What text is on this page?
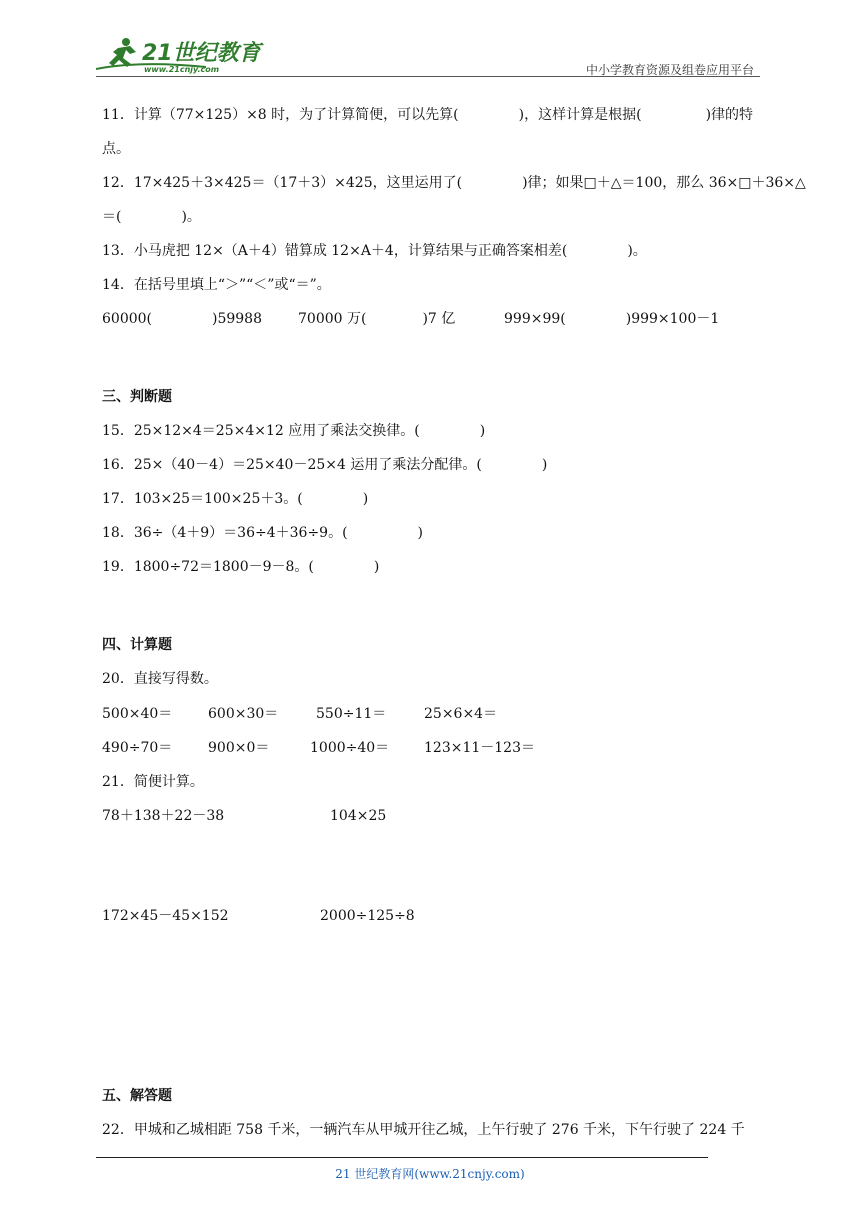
21世纪教育
www.21cnjy.com	中小学教育资源及组卷应用平台
11．计算（77×125）×8 时，为了计算简便，可以先算(	)，这样计算是根据(	)律的特
点。
12．17×425＋3×425＝（17＋3）×425，这里运用了(	)律；如果□＋△＝100，那么 36×□＋36×△
＝(	)。
13．小马虎把 12×（A＋4）错算成 12×A＋4，计算结果与正确答案相差(	)。
14．在括号里填上“＞”“＜”或“＝”。
60000(	)59988	70000 万(	)7 亿	999×99(	)999×100－1
三、判断题
15．25×12×4＝25×4×12 应用了乘法交换律。(	)
16．25×（40－4）＝25×40－25×4 运用了乘法分配律。(	)
17．103×25＝100×25＋3。(	)
18．36÷（4＋9）＝36÷4＋36÷9。(	)
19．1800÷72＝1800－9－8。(	)
四、计算题
20．直接写得数。
500×40＝	600×30＝	550÷11＝	25×6×4＝
490÷70＝	900×0＝	1000÷40＝ 123×11－123＝
21．简便计算。
78＋138＋22－38	104×25
172×45－45×152	2000÷125÷8
五、解答题
22．甲城和乙城相距 758 千米，一辆汽车从甲城开往乙城，上午行驶了 276 千米，下午行驶了 224 千
21 世纪教育网(www.21cnjy.com)
